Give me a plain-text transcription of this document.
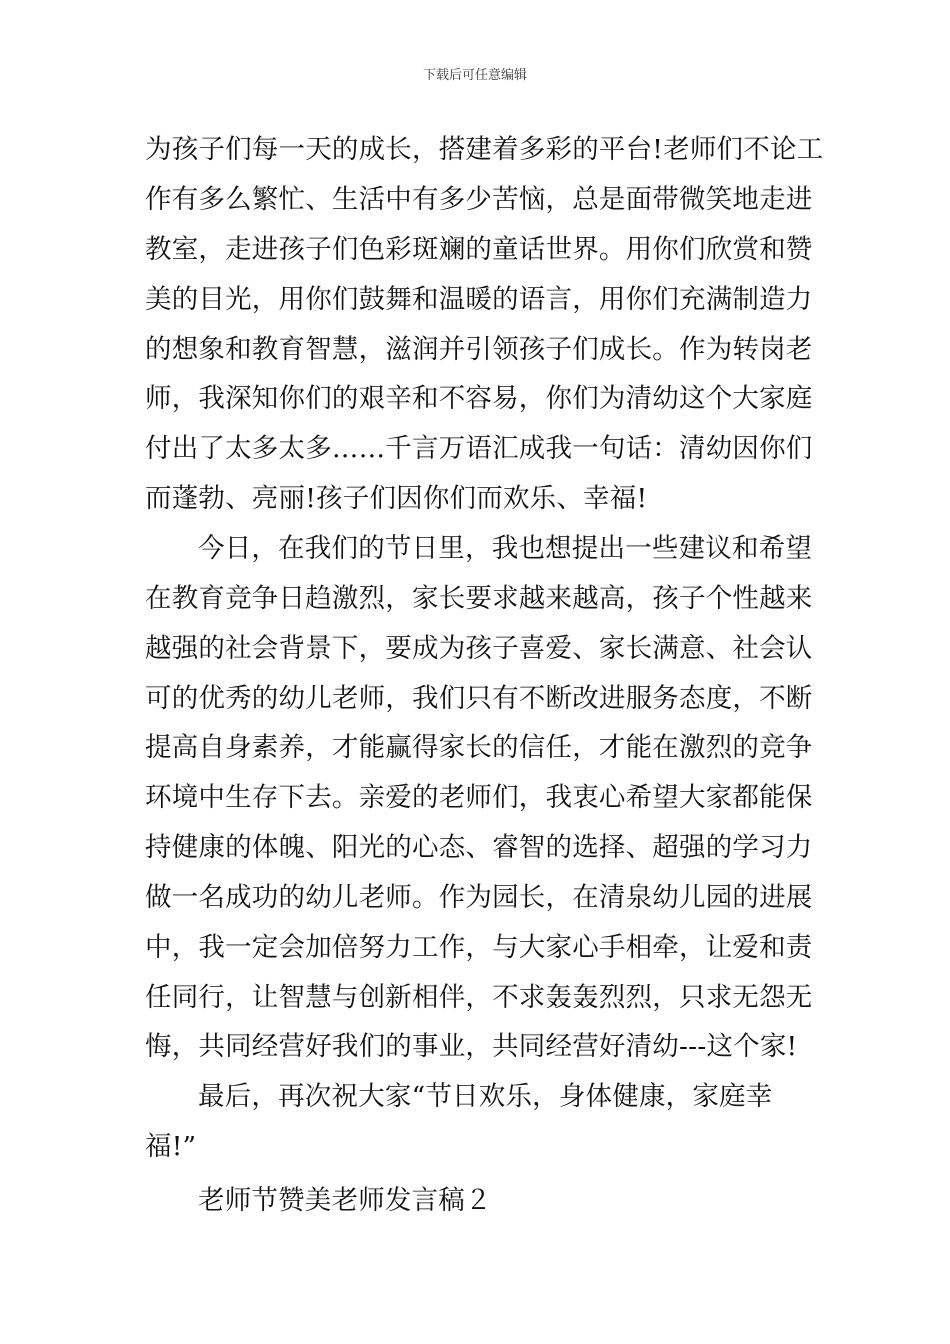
下载后可任意编辑
为孩子们每一天的成长，搭建着多彩的平台!老师们不论工
作有多么繁忙、生活中有多少苦恼，总是面带微笑地走进
教室，走进孩子们色彩斑斓的童话世界。用你们欣赏和赞
美的目光，用你们鼓舞和温暖的语言，用你们充满制造力
的想象和教育智慧，滋润并引领孩子们成长。作为转岗老
师，我深知你们的艰辛和不容易，你们为清幼这个大家庭
付出了太多太多……千言万语汇成我一句话：清幼因你们
而蓬勃、亮丽!孩子们因你们而欢乐、幸福!
今日，在我们的节日里，我也想提出一些建议和希望
在教育竞争日趋激烈，家长要求越来越高，孩子个性越来
越强的社会背景下，要成为孩子喜爱、家长满意、社会认
可的优秀的幼儿老师，我们只有不断改进服务态度，不断
提高自身素养，才能赢得家长的信任，才能在激烈的竞争
环境中生存下去。亲爱的老师们，我衷心希望大家都能保
持健康的体魄、阳光的心态、睿智的选择、超强的学习力
做一名成功的幼儿老师。作为园长，在清泉幼儿园的进展
中，我一定会加倍努力工作，与大家心手相牵，让爱和责
任同行，让智慧与创新相伴，不求轰轰烈烈，只求无怨无
悔，共同经营好我们的事业，共同经营好清幼---这个家!
最后，再次祝大家“节日欢乐，身体健康，家庭幸
福!”
老师节赞美老师发言稿２
